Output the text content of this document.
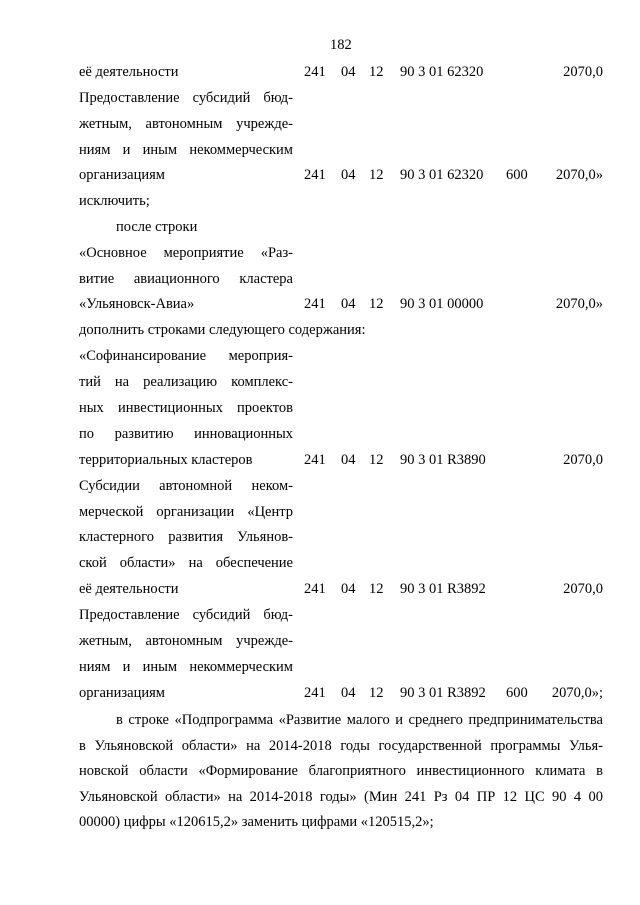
182
её деятельности	241 04 12 90 3 01 62320	2070,0
Предоставление субсидий бюд-
жетным, автономным учрежде-
ниям и иным некоммерческим
организациям	241 04 12 90 3 01 62320 600 2070,0»
исключить;
после строки
«Основное мероприятие «Раз-
витие авиационного кластера
«Ульяновск-Авиа»	241 04 12 90 3 01 00000	2070,0»
дополнить строками следующего содержания:
«Софинансирование мероприя-
тий на реализацию комплекс-
ных инвестиционных проектов
по развитию инновационных
территориальных кластеров	241 04 12 90 3 01 R3890	2070,0
Субсидии автономной неком-
мерческой организации «Центр
кластерного развития Ульянов-
ской области» на обеспечение
её деятельности	241 04 12 90 3 01 R3892	2070,0
Предоставление субсидий бюд-
жетным, автономным учрежде-
ниям и иным некоммерческим
организациям	241 04 12 90 3 01 R3892 600 2070,0»;

в строке «Подпрограмма «Развитие малого и среднего предпринимательства

в Ульяновской области» на 2014-2018 годы государственной программы Улья-

новской области «Формирование благоприятного инвестиционного климата в

Ульяновской области» на 2014-2018 годы» (Мин 241 Рз 04 ПР 12 ЦС 90 4 00

00000) цифры «120615,2» заменить цифрами «120515,2»;
